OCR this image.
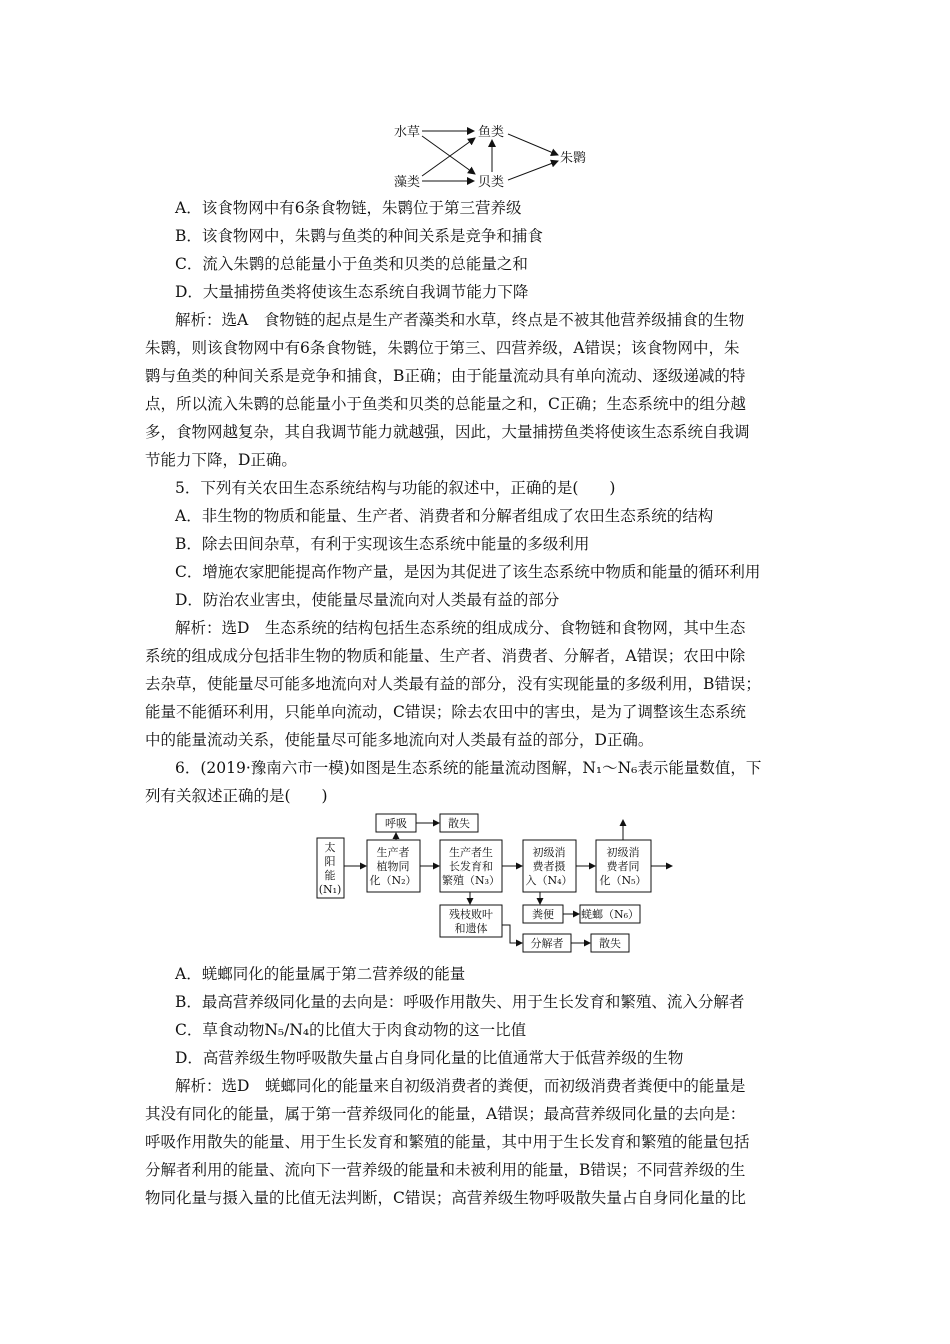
水草	鱼类
朱鹮
藻类	贝类
A．该食物网中有6条食物链，朱鹮位于第三营养级
B．该食物网中，朱鹮与鱼类的种间关系是竞争和捕食
C．流入朱鹮的总能量小于鱼类和贝类的总能量之和
D．大量捕捞鱼类将使该生态系统自我调节能力下降
解析：选A　食物链的起点是生产者藻类和水草，终点是不被其他营养级捕食的生物
朱鹮，则该食物网中有6条食物链，朱鹮位于第三、四营养级，A错误；该食物网中，朱
鹮与鱼类的种间关系是竞争和捕食，B正确；由于能量流动具有单向流动、逐级递减的特
点，所以流入朱鹮的总能量小于鱼类和贝类的总能量之和，C正确；生态系统中的组分越
多，食物网越复杂，其自我调节能力就越强，因此，大量捕捞鱼类将使该生态系统自我调
节能力下降，D正确。
5．下列有关农田生态系统结构与功能的叙述中，正确的是(　　)
A．非生物的物质和能量、生产者、消费者和分解者组成了农田生态系统的结构
B．除去田间杂草，有利于实现该生态系统中能量的多级利用
C．增施农家肥能提高作物产量，是因为其促进了该生态系统中物质和能量的循环利用
D．防治农业害虫，使能量尽量流向对人类最有益的部分
解析：选D　生态系统的结构包括生态系统的组成成分、食物链和食物网，其中生态
系统的组成成分包括非生物的物质和能量、生产者、消费者、分解者，A错误；农田中除
去杂草，使能量尽可能多地流向对人类最有益的部分，没有实现能量的多级利用，B错误；
能量不能循环利用，只能单向流动，C错误；除去农田中的害虫，是为了调整该生态系统
中的能量流动关系，使能量尽可能多地流向对人类最有益的部分，D正确。
6．(2019·豫南六市一模)如图是生态系统的能量流动图解，N₁～N₆表示能量数值，下
列有关叙述正确的是(　　)
太
阳
能
(N₁)
生产者
植物同
化（N₂）
生产者生
长发育和
繁殖（N₃）
初级消
费者摄
入（N₄）
初级消
费者同
化（N₅）
呼吸	散失
残枝败叶
和遗体
粪便 蜣螂（N₆）
分解者	散失
A．蜣螂同化的能量属于第二营养级的能量
B．最高营养级同化量的去向是：呼吸作用散失、用于生长发育和繁殖、流入分解者
C．草食动物N₅/N₄的比值大于肉食动物的这一比值
D．高营养级生物呼吸散失量占自身同化量的比值通常大于低营养级的生物
解析：选D　蜣螂同化的能量来自初级消费者的粪便，而初级消费者粪便中的能量是
其没有同化的能量，属于第一营养级同化的能量，A错误；最高营养级同化量的去向是：
呼吸作用散失的能量、用于生长发育和繁殖的能量，其中用于生长发育和繁殖的能量包括
分解者利用的能量、流向下一营养级的能量和未被利用的能量，B错误；不同营养级的生
物同化量与摄入量的比值无法判断，C错误；高营养级生物呼吸散失量占自身同化量的比
